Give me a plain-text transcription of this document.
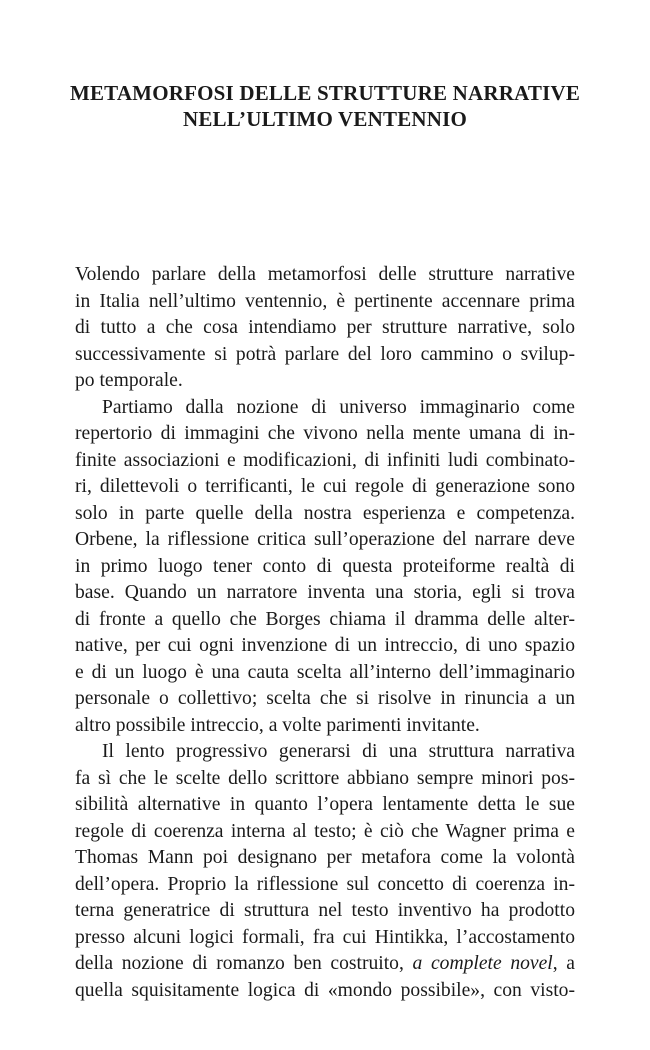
METAMORFOSI DELLE STRUTTURE NARRATIVE
NELL’ULTIMO VENTENNIO
Volendo parlare della metamorfosi delle strutture narrative
in Italia nell’ultimo ventennio, è pertinente accennare prima
di tutto a che cosa intendiamo per strutture narrative, solo
successivamente si potrà parlare del loro cammino o svilup-
po temporale.
Partiamo dalla nozione di universo immaginario come
repertorio di immagini che vivono nella mente umana di in-
finite associazioni e modificazioni, di infiniti ludi combinato-
ri, dilettevoli o terrificanti, le cui regole di generazione sono
solo in parte quelle della nostra esperienza e competenza.
Orbene, la riflessione critica sull’operazione del narrare deve
in primo luogo tener conto di questa proteiforme realtà di
base. Quando un narratore inventa una storia, egli si trova
di fronte a quello che Borges chiama il dramma delle alter-
native, per cui ogni invenzione di un intreccio, di uno spazio
e di un luogo è una cauta scelta all’interno dell’immaginario
personale o collettivo; scelta che si risolve in rinuncia a un
altro possibile intreccio, a volte parimenti invitante.
Il lento progressivo generarsi di una struttura narrativa
fa sì che le scelte dello scrittore abbiano sempre minori pos-
sibilità alternative in quanto l’opera lentamente detta le sue
regole di coerenza interna al testo; è ciò che Wagner prima e
Thomas Mann poi designano per metafora come la volontà
dell’opera. Proprio la riflessione sul concetto di coerenza in-
terna generatrice di struttura nel testo inventivo ha prodotto
presso alcuni logici formali, fra cui Hintikka, l’accostamento
della nozione di romanzo ben costruito, a complete novel, a
quella squisitamente logica di «mondo possibile», con visto-
